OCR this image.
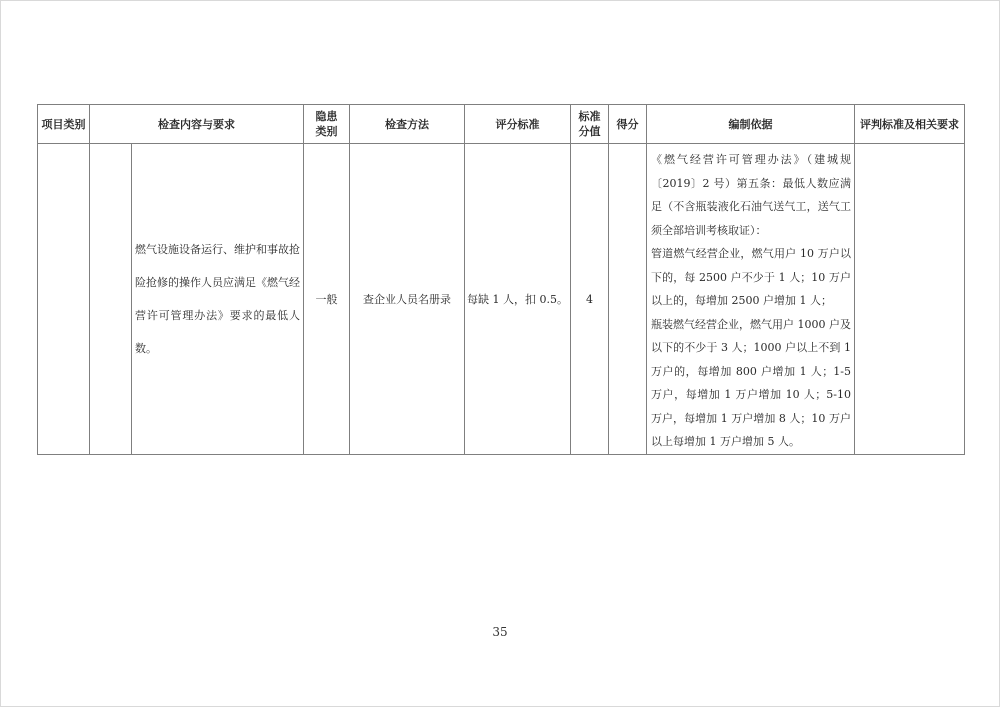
项目类别	检查内容与要求		隐患类别	检查方法	评分标准	标准分值	得分	编制依据	评判标准及相关要求
		燃气设施设备运行、维护和事故抢险抢修的操作人员应满足《燃气经营许可管理办法》要求的最低人数。	一般	查企业人员名册录	每缺 1 人，扣 0.5。	4		《燃气经营许可管理办法》（建城规〔2019〕2 号）第五条：最低人数应满足（不含瓶装液化石油气送气工，送气工须全部培训考核取证）：

管道燃气经营企业，燃气用户 10 万户以下的，每 2500 户不少于 1 人；10 万户以上的，每增加 2500 户增加 1 人；

瓶装燃气经营企业，燃气用户 1000 户及以下的不少于 3 人；1000 户以上不到 1 万户的，每增加 800 户增加 1 人；1-5 万户，每增加 1 万户增加 10 人；5-10 万户，每增加 1 万户增加 8 人；10 万户以上每增加 1 万户增加 5 人。	

35
